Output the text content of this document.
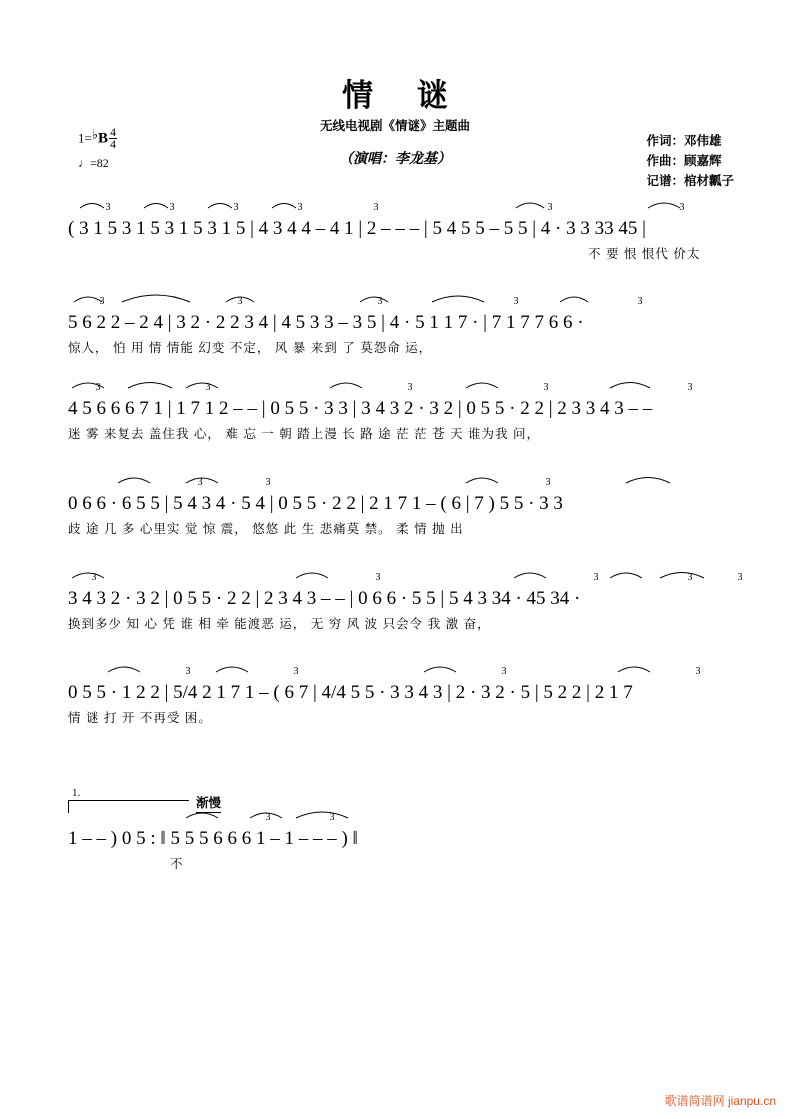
情 谜
无线电视剧《情谜》主题曲
（演唱：李龙基）
作词：邓伟雄
作曲：顾嘉辉
记谱：棺材瓤子
1=♭B $\frac{4}{4}$
♩=82
3	3	3	3	3	3	3
( 3 1 5 3 1 5 3 1 5 3 1 5 | 4 3 4 4 – 4 1 | 2 – – – | 5 4 5 5 – 5 5 | 4 · 3 3 33 45 |
不 要 恨 恨代 价太
3	3	3	3	3
5 6 2 2 – 2 4 | 3 2 · 2 2 3 4 | 4 5 3 3 – 3 5 | 4 · 5 1 1 7 · | 7 1 7 7 6 6 ·
惊人， 怕 用 情 情能 幻变 不定， 风 暴 来到 了 莫怨命 运，
3	3	3	3	3
4 5 6 6 6 7 1 | 1 7 1 2 – – | 0 5 5 · 3 3 | 3 4 3 2 · 3 2 | 0 5 5 · 2 2 | 2 3 3 4 3 – –
迷 雾 来复去 盖住我 心， 难 忘 一 朝 踏上漫 长 路 途 茫 茫 苍 天 谁为我 问，
3	3	3
0 6 6 · 6 5 5 | 5 4 3 4 · 5 4 | 0 5 5 · 2 2 | 2 1 7 1 – ( 6 | 7 ) 5 5 · 3 3
歧 途 几 多 心里实 觉 惊 震， 悠悠 此 生 悲痛莫 禁。 柔 情 抛 出
3	3	3	3	3
3 4 3 2 · 3 2 | 0 5 5 · 2 2 | 2 3 4 3 – – | 0 6 6 · 5 5 | 5 4 3 34 · 45 34 ·
换到多少 知 心 凭 谁 相 牵 能渡恶 运， 无 穷 风 波 只会令 我 激 奋，
3	3	3	3
0 5 5 · 1 2 2 | 5/4 2 1 7 1 – ( 6 7 | 4/4 5 5 · 3 3 4 3 | 2 · 3 2 · 5 | 5 2 2 | 2 1 7
情 谜 打 开 不再受 困。
1.
渐慢
3	3
1 – – ) 0 5 : ‖ 5 5 5 6 6 6 1 – 1 – – – ) ‖
不
歌谱简谱网 jianpu.cn
